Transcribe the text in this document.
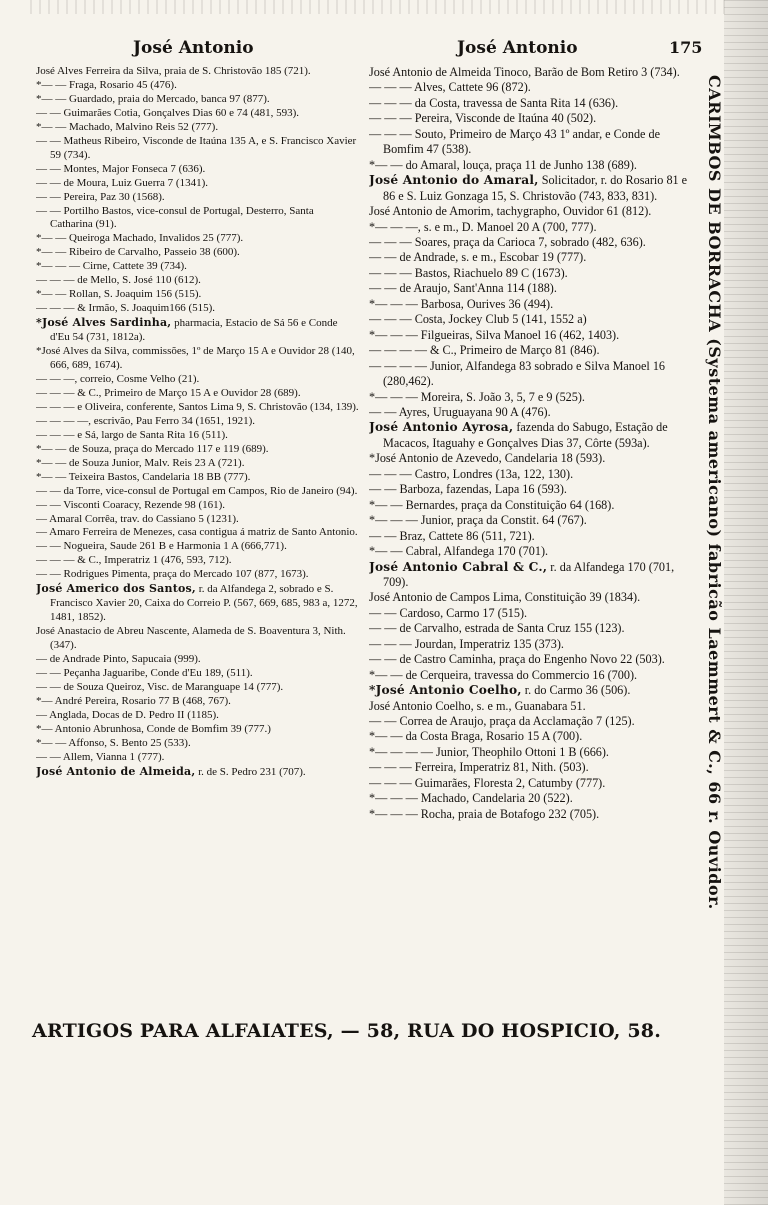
José Antonio	José Antonio	175

José Alves Ferreira da Silva, praia de S. Christovão 185 (721).

*— — Fraga, Rosario 45 (476).

*— — Guardado, praia do Mercado, banca 97 (877).

— — Guimarães Cotia, Gonçalves Dias 60 e 74 (481, 593).

*— — Machado, Malvino Reis 52 (777).

— — Matheus Ribeiro, Visconde de Itaúna 135 A, e S. Francisco Xavier 59 (734).

— — Montes, Major Fonseca 7 (636).

— — de Moura, Luiz Guerra 7 (1341).

— — Pereira, Paz 30 (1568).

— — Portilho Bastos, vice-consul de Portugal, Desterro, Santa Catharina (91).

*— — Queiroga Machado, Invalidos 25 (777).

*— — Ribeiro de Carvalho, Passeio 38 (600).

*— — — Cirne, Cattete 39 (734).

— — — de Mello, S. José 110 (612).

*— — Rollan, S. Joaquim 156 (515).

— — — & Irmão, S. Joaquim166 (515).

*José Alves Sardinha, pharmacia, Estacio de Sá 56 e Conde d'Eu 54 (731, 1812a).

*José Alves da Silva, commissões, 1º de Março 15 A e Ouvidor 28 (140, 666, 689, 1674).

— — —, correio, Cosme Velho (21).

— — — & C., Primeiro de Março 15 A e Ouvidor 28 (689).

— — — e Oliveira, conferente, Santos Lima 9, S. Christovão (134, 139).

— — — —, escrivão, Pau Ferro 34 (1651, 1921).

— — — e Sá, largo de Santa Rita 16 (511).

*— — de Souza, praça do Mercado 117 e 119 (689).

*— — de Souza Junior, Malv. Reis 23 A (721).

*— — Teixeira Bastos, Candelaria 18 BB (777).

— — da Torre, vice-consul de Portugal em Campos, Rio de Janeiro (94).

— — Visconti Coaracy, Rezende 98 (161).

— Amaral Corrêa, trav. do Cassiano 5 (1231).

— Amaro Ferreira de Menezes, casa contigua á matriz de Santo Antonio.

— — Nogueira, Saude 261 B e Harmonia 1 A (666,771).

— — — & C., Imperatriz 1 (476, 593, 712).

— — Rodrigues Pimenta, praça do Mercado 107 (877, 1673).

José Americo dos Santos, r. da Alfandega 2, sobrado e S. Francisco Xavier 20, Caixa do Correio P. (567, 669, 685, 983 a, 1272, 1481, 1852).

José Anastacio de Abreu Nascente, Alameda de S. Boaventura 3, Nith. (347).

— de Andrade Pinto, Sapucaia (999).

— — Peçanha Jaguaribe, Conde d'Eu 189, (511).

— — de Souza Queiroz, Visc. de Maranguape 14 (777).

*— André Pereira, Rosario 77 B (468, 767).

— Anglada, Docas de D. Pedro II (1185).

*— Antonio Abrunhosa, Conde de Bomfim 39 (777.)

*— — Affonso, S. Bento 25 (533).

— — Allem, Vianna 1 (777).

José Antonio de Almeida, r. de S. Pedro 231 (707).

José Antonio de Almeida Tinoco, Barão de Bom Retiro 3 (734).

— — — Alves, Cattete 96 (872).

— — — da Costa, travessa de Santa Rita 14 (636).

— — — Pereira, Visconde de Itaúna 40 (502).

— — — Souto, Primeiro de Março 43 1º andar, e Conde de Bomfim 47 (538).

*— — do Amaral, louça, praça 11 de Junho 138 (689).

José Antonio do Amaral, Solicitador, r. do Rosario 81 e 86 e S. Luiz Gonzaga 15, S. Christovão (743, 833, 831).

José Antonio de Amorim, tachygrapho, Ouvidor 61 (812).

*— — —, s. e m., D. Manoel 20 A (700, 777).

— — — Soares, praça da Carioca 7, sobrado (482, 636).

— — de Andrade, s. e m., Escobar 19 (777).

— — — Bastos, Riachuelo 89 C (1673).

— — de Araujo, Sant'Anna 114 (188).

*— — — Barbosa, Ourives 36 (494).

— — — Costa, Jockey Club 5 (141, 1552 a)

*— — — Filgueiras, Silva Manoel 16 (462, 1403).

— — — — & C., Primeiro de Março 81 (846).

— — — — Junior, Alfandega 83 sobrado e Silva Manoel 16 (280,462).

*— — — Moreira, S. João 3, 5, 7 e 9 (525).

— — Ayres, Uruguayana 90 A (476).

José Antonio Ayrosa, fazenda do Sabugo, Estação de Macacos, Itaguahy e Gonçalves Dias 37, Côrte (593a).

*José Antonio de Azevedo, Candelaria 18 (593).

— — — Castro, Londres (13a, 122, 130).

— — Barboza, fazendas, Lapa 16 (593).

*— — Bernardes, praça da Constituição 64 (168).

*— — — Junior, praça da Constit. 64 (767).

— — Braz, Cattete 86 (511, 721).

*— — Cabral, Alfandega 170 (701).

José Antonio Cabral & C., r. da Alfandega 170 (701, 709).

José Antonio de Campos Lima, Constituição 39 (1834).

— — Cardoso, Carmo 17 (515).

— — de Carvalho, estrada de Santa Cruz 155 (123).

— — — Jourdan, Imperatriz 135 (373).

— — de Castro Caminha, praça do Engenho Novo 22 (503).

*— — de Cerqueira, travessa do Commercio 16 (700).

*José Antonio Coelho, r. do Carmo 36 (506).

José Antonio Coelho, s. e m., Guanabara 51.

— — Correa de Araujo, praça da Acclamação 7 (125).

*— — da Costa Braga, Rosario 15 A (700).

*— — — — Junior, Theophilo Ottoni 1 B (666).

— — — Ferreira, Imperatriz 81, Nith. (503).

— — — Guimarães, Floresta 2, Catumby (777).

*— — — Machado, Candelaria 20 (522).

*— — — Rocha, praia de Botafogo 232 (705).	CARIMBOS DE BORRACHA (Systema americano) fabricão Laemmert & C., 66 r. Ouvidor.
ARTIGOS PARA ALFAIATES, — 58, RUA DO HOSPICIO, 58.
